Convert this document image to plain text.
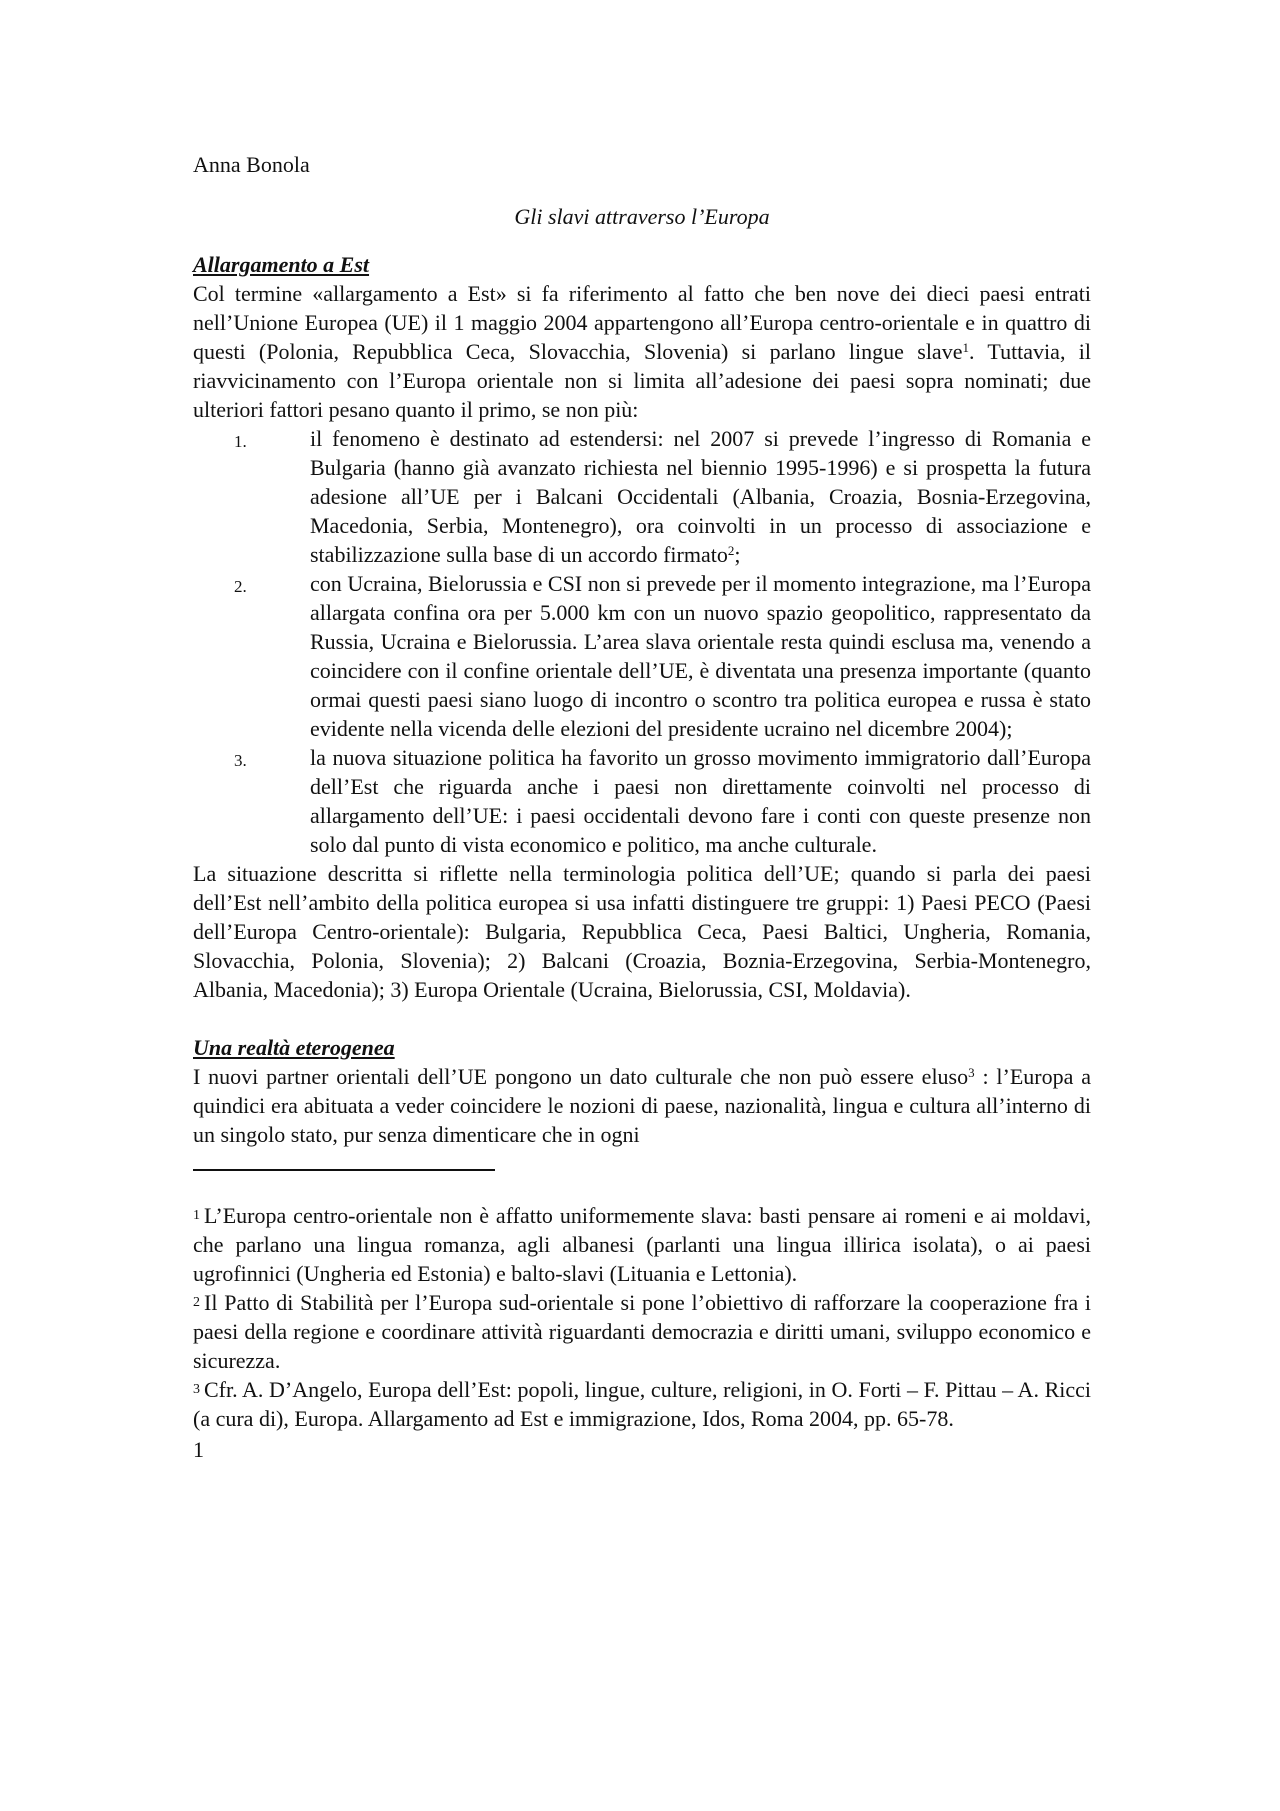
Anna Bonola
Gli slavi attraverso l’Europa
Allargamento a Est

Col termine «allargamento a Est» si fa riferimento al fatto che ben nove dei dieci paesi entrati nell’Unione Europea (UE) il 1 maggio 2004 appartengono all’Europa centro-orientale e in quattro di questi (Polonia, Repubblica Ceca, Slovacchia, Slovenia) si parlano lingue slave$^1$. Tuttavia, il riavvicinamento con l’Europa orientale non si limita all’adesione dei paesi sopra nominati; due ulteriori fattori pesano quanto il primo, se non più:

1.	il fenomeno è destinato ad estendersi: nel 2007 si prevede l’ingresso di Romania e Bulgaria (hanno già avanzato richiesta nel biennio 1995-1996) e si prospetta la futura adesione all’UE per i Balcani Occidentali (Albania, Croazia, Bosnia-Erzegovina, Macedonia, Serbia, Montenegro), ora coinvolti in un processo di associazione e stabilizzazione sulla base di un accordo firmato$^2$;
2.	con Ucraina, Bielorussia e CSI non si prevede per il momento integrazione, ma l’Europa allargata confina ora per 5.000 km con un nuovo spazio geopolitico, rappresentato da Russia, Ucraina e Bielorussia. L’area slava orientale resta quindi esclusa ma, venendo a coincidere con il confine orientale dell’UE, è diventata una presenza importante (quanto ormai questi paesi siano luogo di incontro o scontro tra politica europea e russa è stato evidente nella vicenda delle elezioni del presidente ucraino nel dicembre 2004);
3.	la nuova situazione politica ha favorito un grosso movimento immigratorio dall’Europa dell’Est che riguarda anche i paesi non direttamente coinvolti nel processo di allargamento dell’UE: i paesi occidentali devono fare i conti con queste presenze non solo dal punto di vista economico e politico, ma anche culturale.

La situazione descritta si riflette nella terminologia politica dell’UE; quando si parla dei paesi dell’Est nell’ambito della politica europea si usa infatti distinguere tre gruppi: 1) Paesi PECO (Paesi dell’Europa Centro-orientale): Bulgaria, Repubblica Ceca, Paesi Baltici, Ungheria, Romania, Slovacchia, Polonia, Slovenia); 2) Balcani (Croazia, Boznia-Erzegovina, Serbia-Montenegro, Albania, Macedonia); 3) Europa Orientale (Ucraina, Bielorussia, CSI, Moldavia).

Una realtà eterogenea

I nuovi partner orientali dell’UE pongono un dato culturale che non può essere eluso$^3$ : l’Europa a quindici era abituata a veder coincidere le nozioni di paese, nazionalità, lingua e cultura all’interno di un singolo stato, pur senza dimenticare che in ogni

1 L’Europa centro-orientale non è affatto uniformemente slava: basti pensare ai romeni e ai moldavi, che parlano una lingua romanza, agli albanesi (parlanti una lingua illirica isolata), o ai paesi ugrofinnici (Ungheria ed Estonia) e balto-slavi (Lituania e Lettonia).

2 Il Patto di Stabilità per l’Europa sud-orientale si pone l’obiettivo di rafforzare la cooperazione fra i paesi della regione e coordinare attività riguardanti democrazia e diritti umani, sviluppo economico e sicurezza.

3 Cfr. A. D’Angelo, Europa dell’Est: popoli, lingue, culture, religioni, in O. Forti – F. Pittau – A. Ricci (a cura di), Europa. Allargamento ad Est e immigrazione, Idos, Roma 2004, pp. 65-78.

1
